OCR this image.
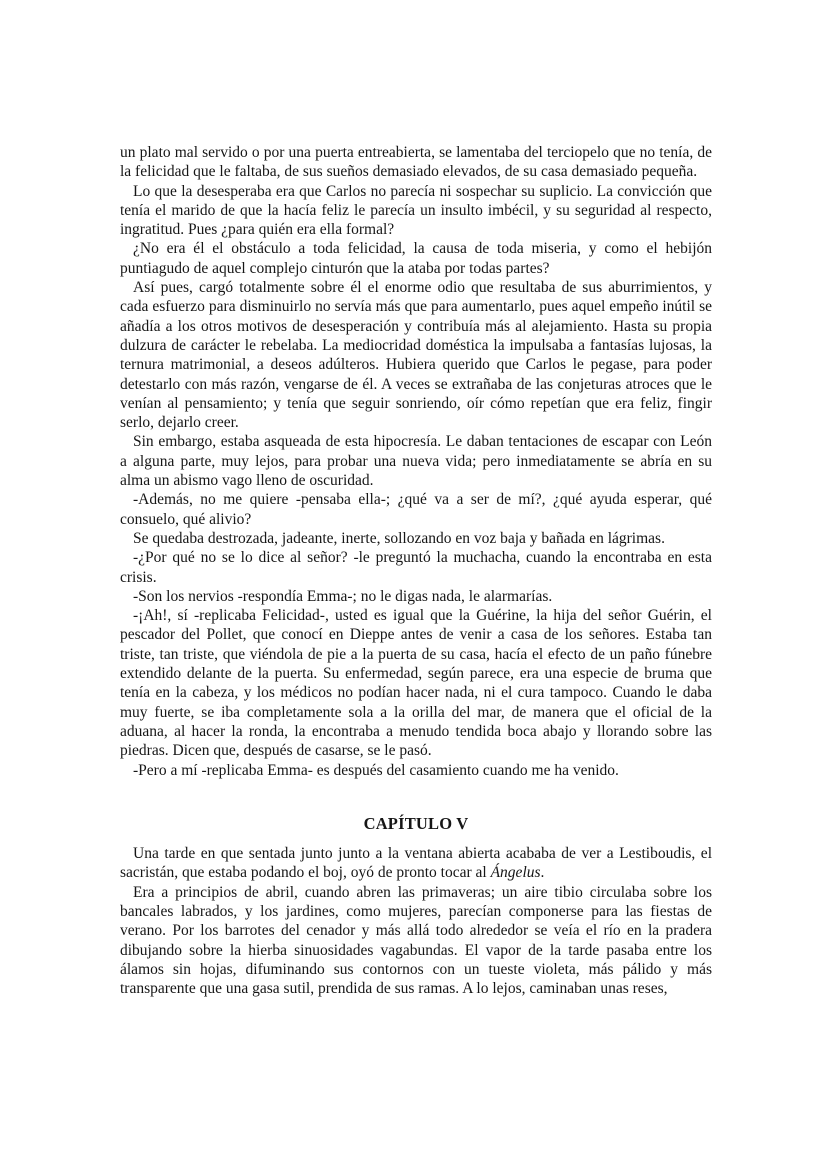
un plato mal servido o por una puerta entreabierta, se lamentaba del terciopelo que no tenía, de la felicidad que le faltaba, de sus sueños demasiado elevados, de su casa demasiado pequeña.

Lo que la desesperaba era que Carlos no parecía ni sospechar su suplicio. La convicción que tenía el marido de que la hacía feliz le parecía un insulto imbécil, y su seguridad al respecto, ingratitud. Pues ¿para quién era ella formal?

¿No era él el obstáculo a toda felicidad, la causa de toda miseria, y como el hebijón puntiagudo de aquel complejo cinturón que la ataba por todas partes?

Así pues, cargó totalmente sobre él el enorme odio que resultaba de sus aburrimientos, y cada esfuerzo para disminuirlo no servía más que para aumentarlo, pues aquel empeño inútil se añadía a los otros motivos de desesperación y contribuía más al alejamiento. Hasta su propia dulzura de carácter le rebelaba. La mediocridad doméstica la impulsaba a fantasías lujosas, la ternura matrimonial, a deseos adúlteros. Hubiera querido que Carlos le pegase, para poder detestarlo con más razón, vengarse de él. A veces se extrañaba de las conjeturas atroces que le venían al pensamiento; y tenía que seguir sonriendo, oír cómo repetían que era feliz, fingir serlo, dejarlo creer.

Sin embargo, estaba asqueada de esta hipocresía. Le daban tentaciones de escapar con León a alguna parte, muy lejos, para probar una nueva vida; pero inmediatamente se abría en su alma un abismo vago lleno de oscuridad.

-Además, no me quiere -pensaba ella-; ¿qué va a ser de mí?, ¿qué ayuda esperar, qué consuelo, qué alivio?

Se quedaba destrozada, jadeante, inerte, sollozando en voz baja y bañada en lágrimas.

-¿Por qué no se lo dice al señor? -le preguntó la muchacha, cuando la encontraba en esta crisis.

-Son los nervios -respondía Emma-; no le digas nada, le alarmarías.

-¡Ah!, sí -replicaba Felicidad-, usted es igual que la Guérine, la hija del señor Guérin, el pescador del Pollet, que conocí en Dieppe antes de venir a casa de los señores. Estaba tan triste, tan triste, que viéndola de pie a la puerta de su casa, hacía el efecto de un paño fúnebre extendido delante de la puerta. Su enfermedad, según parece, era una especie de bruma que tenía en la cabeza, y los médicos no podían hacer nada, ni el cura tampoco. Cuando le daba muy fuerte, se iba completamente sola a la orilla del mar, de manera que el oficial de la aduana, al hacer la ronda, la encontraba a menudo tendida boca abajo y llorando sobre las piedras. Dicen que, después de casarse, se le pasó.

-Pero a mí -replicaba Emma- es después del casamiento cuando me ha venido.

CAPÍTULO V

Una tarde en que sentada junto junto a la ventana abierta acababa de ver a Lestiboudis, el sacristán, que estaba podando el boj, oyó de pronto tocar al Ángelus.

Era a principios de abril, cuando abren las primaveras; un aire tibio circulaba sobre los bancales labrados, y los jardines, como mujeres, parecían componerse para las fiestas de verano. Por los barrotes del cenador y más allá todo alrededor se veía el río en la pradera dibujando sobre la hierba sinuosidades vagabundas. El vapor de la tarde pasaba entre los álamos sin hojas, difuminando sus contornos con un tueste violeta, más pálido y más transparente que una gasa sutil, prendida de sus ramas. A lo lejos, caminaban unas reses,
